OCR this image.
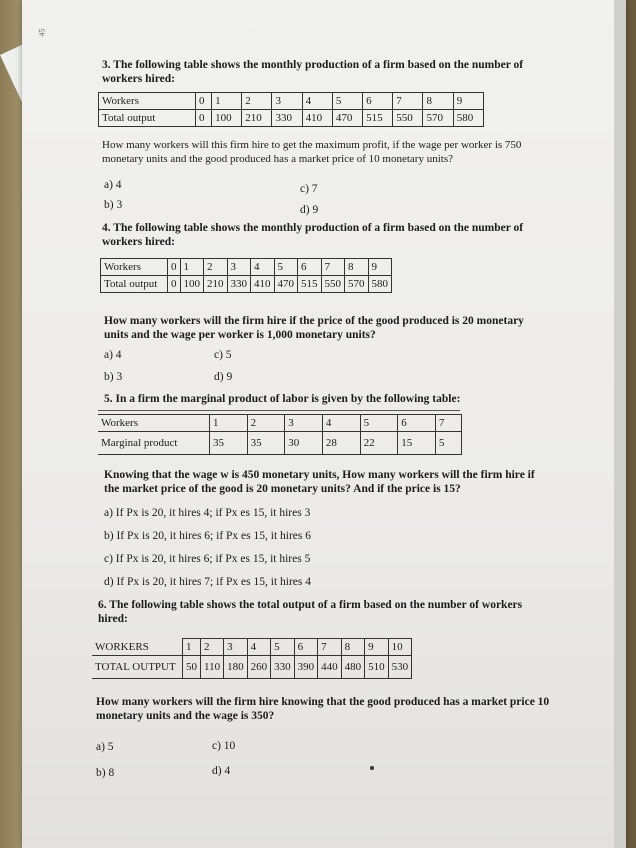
45
3. The following table shows the monthly production of a firm based on the number of workers hired:
Workers	0	1	2	3	4	5	6	7	8	9
Total output	0	100	210	330	410	470	515	550	570	580
How many workers will this firm hire to get the maximum profit, if the wage per worker is 750 monetary units and the good produced has a market price of 10 monetary units?
a) 4	c) 7
b) 3	d) 9
4. The following table shows the monthly production of a firm based on the number of workers hired:
Workers	0	1	2	3	4	5	6	7	8	9
Total output	0	100	210	330	410	470	515	550	570	580
How many workers will the firm hire if the price of the good produced is 20 monetary units and the wage per worker is 1,000 monetary units?
a) 4	c) 5
b) 3	d) 9
5. In a firm the marginal product of labor is given by the following table:
Workers	1	2	3	4	5	6	7
Marginal product	35	35	30	28	22	15	5
Knowing that the wage w is 450 monetary units, How many workers will the firm hire if the market price of the good is 20 monetary units? And if the price is 15?
a) If Px is 20, it hires 4; if Px es 15, it hires 3
b) If Px is 20, it hires 6; if Px es 15, it hires 6
c) If Px is 20, it hires 6; if Px es 15, it hires 5
d) If Px is 20, it hires 7; if Px es 15, it hires 4
6. The following table shows the total output of a firm based on the number of workers hired:
WORKERS	1	2	3	4	5	6	7	8	9	10
TOTAL OUTPUT	50	110	180	260	330	390	440	480	510	530
How many workers will the firm hire knowing that the good produced has a market price 10 monetary units and the wage is 350?
a) 5	c) 10
b) 8	d) 4
